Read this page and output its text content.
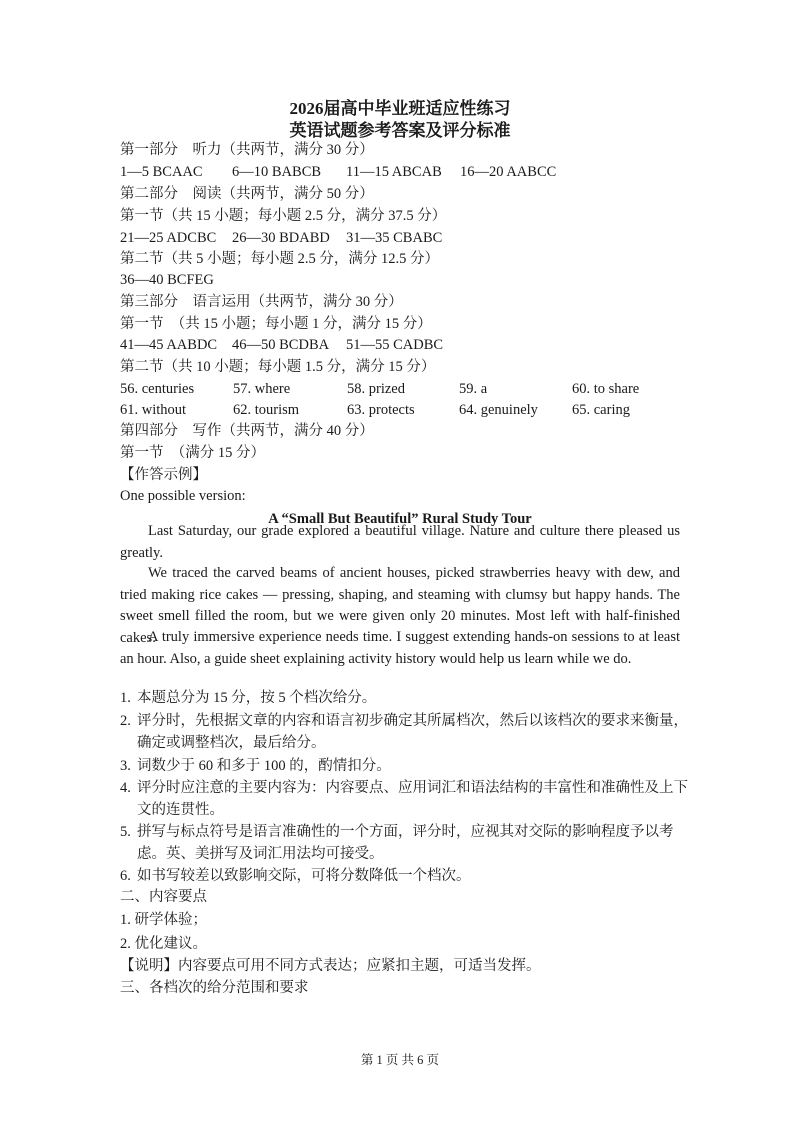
2026届高中毕业班适应性练习
英语试题参考答案及评分标准
第一部分　听力（共两节，满分 30 分）
1—5 BCAAC 6—10 BABCB 11—15 ABCAB 16—20 AABCC
第二部分　阅读（共两节，满分 50 分）
第一节（共 15 小题；每小题 2.5 分，满分 37.5 分）
21—25 ADCBC 26—30 BDABD 31—35 CBABC
第二节（共 5 小题；每小题 2.5 分，满分 12.5 分）
36—40 BCFEG
第三部分　语言运用（共两节，满分 30 分）
第一节　（共 15 小题；每小题 1 分，满分 15 分）
41—45 AABDC 46—50 BCDBA 51—55 CADBC
第二节（共 10 小题；每小题 1.5 分，满分 15 分）
56. centuries	57. where	58. prized	59. a	60. to share
61. without	62. tourism	63. protects	64. genuinely 65. caring
第四部分　写作（共两节，满分 40 分）
第一节　（满分 15 分）
【作答示例】
One possible version:
A “Small But Beautiful” Rural Study Tour
Last Saturday, our grade explored a beautiful village. Nature and culture there pleased us greatly.
We traced the carved beams of ancient houses, picked strawberries heavy with dew, and tried making rice cakes — pressing, shaping, and steaming with clumsy but happy hands. The sweet smell filled the room, but we were given only 20 minutes. Most left with half-finished cakes.
A truly immersive experience needs time. I suggest extending hands-on sessions to at least an hour. Also, a guide sheet explaining activity history would help us learn while we do.
1. 本题总分为 15 分，按 5 个档次给分。
2. 评分时，先根据文章的内容和语言初步确定其所属档次，然后以该档次的要求来衡量，确定或调整档次，最后给分。
3. 词数少于 60 和多于 100 的，酌情扣分。
4. 评分时应注意的主要内容为：内容要点、应用词汇和语法结构的丰富性和准确性及上下文的连贯性。
5. 拼写与标点符号是语言准确性的一个方面，评分时，应视其对交际的影响程度予以考虑。英、美拼写及词汇用法均可接受。
6. 如书写较差以致影响交际，可将分数降低一个档次。
二、内容要点
1. 研学体验；
2. 优化建议。
【说明】内容要点可用不同方式表达；应紧扣主题，可适当发挥。
三、各档次的给分范围和要求
第 1 页 共 6 页
